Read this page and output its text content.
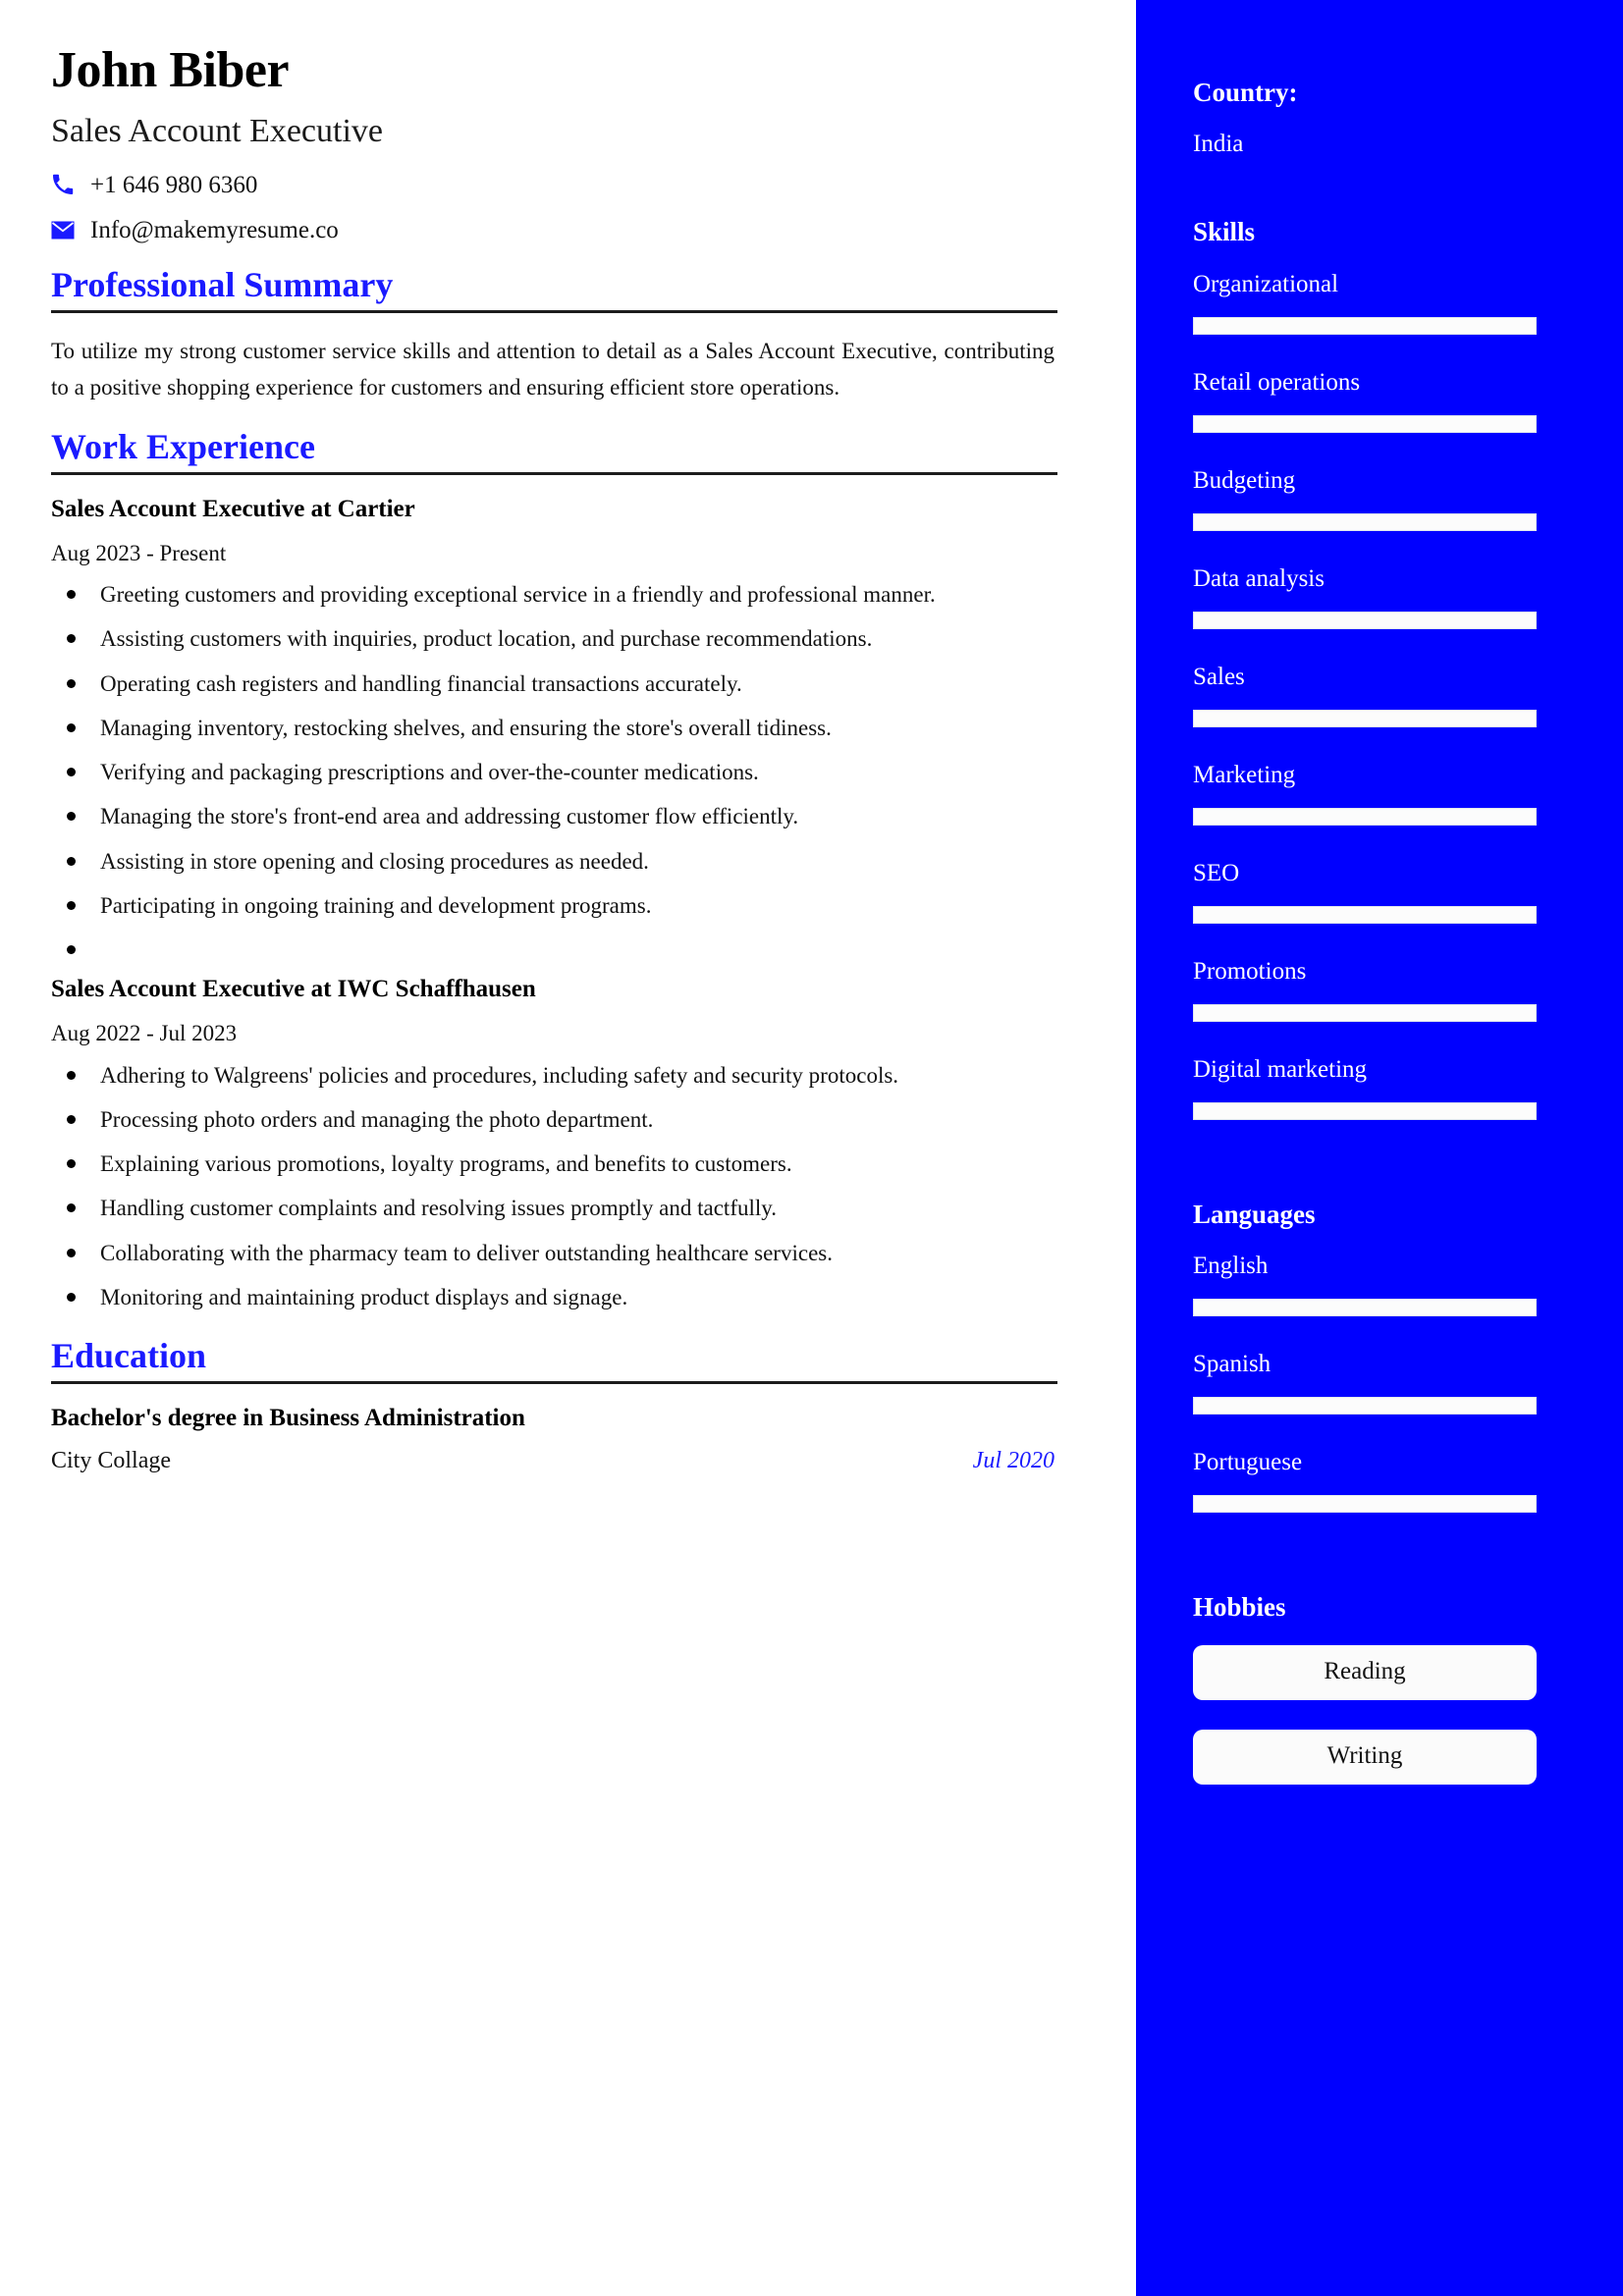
John Biber
Sales Account Executive
+1 646 980 6360
Info@makemyresume.co
Professional Summary

To utilize my strong customer service skills and attention to detail as a Sales Account Executive, contributing to a positive shopping experience for customers and ensuring efficient store operations.

Work Experience
Sales Account Executive at Cartier
Aug 2023 - Present
Greeting customers and providing exceptional service in a friendly and professional manner.
Assisting customers with inquiries, product location, and purchase recommendations.
Operating cash registers and handling financial transactions accurately.
Managing inventory, restocking shelves, and ensuring the store's overall tidiness.
Verifying and packaging prescriptions and over-the-counter medications.
Managing the store's front-end area and addressing customer flow efficiently.
Assisting in store opening and closing procedures as needed.
Participating in ongoing training and development programs.
Sales Account Executive at IWC Schaffhausen
Aug 2022 - Jul 2023
Adhering to Walgreens' policies and procedures, including safety and security protocols.
Processing photo orders and managing the photo department.
Explaining various promotions, loyalty programs, and benefits to customers.
Handling customer complaints and resolving issues promptly and tactfully.
Collaborating with the pharmacy team to deliver outstanding healthcare services.
Monitoring and maintaining product displays and signage.
Education
Bachelor's degree in Business Administration
City Collage	Jul 2020
Country:
India
Skills
Organizational
Retail operations
Budgeting
Data analysis
Sales
Marketing
SEO
Promotions
Digital marketing
Languages
English
Spanish
Portuguese
Hobbies
Reading
Writing
